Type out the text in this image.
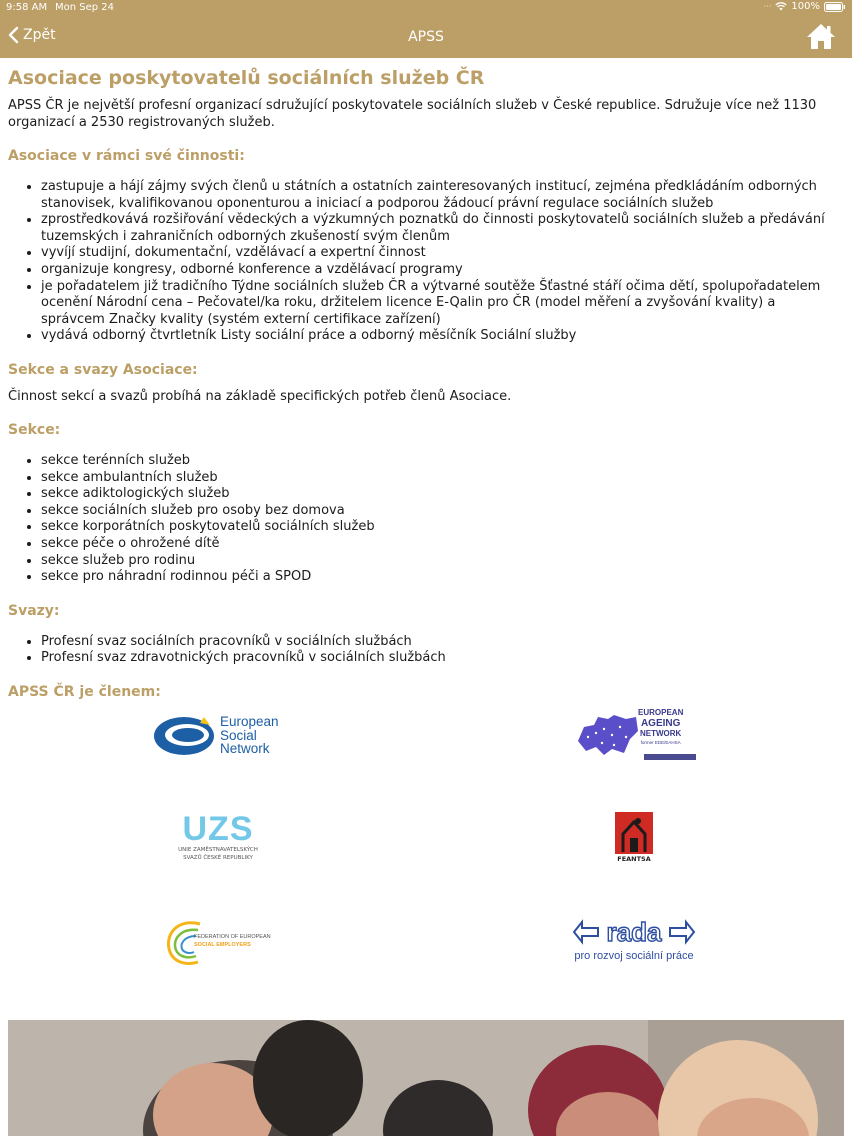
9:58 AM Mon Sep 24	··· 100%
Zpět	APSS
Asociace poskytovatelů sociálních služeb ČR

APSS ČR je největší profesní organizací sdružující poskytovatele sociálních služeb v České republice. Sdružuje více než 1130 organizací a 2530 registrovaných služeb.

Asociace v rámci své činnosti:
• zastupuje a hájí zájmy svých členů u státních a ostatních zainteresovaných institucí, zejména předkládáním odborných stanovisek, kvalifikovanou oponenturou a iniciací a podporou žádoucí právní regulace sociálních služeb
• zprostředkovává rozšiřování vědeckých a výzkumných poznatků do činnosti poskytovatelů sociálních služeb a předávání tuzemských i zahraničních odborných zkušeností svým členům
• vyvíjí studijní, dokumentační, vzdělávací a expertní činnost
• organizuje kongresy, odborné konference a vzdělávací programy
• je pořadatelem již tradičního Týdne sociálních služeb ČR a výtvarné soutěže Šťastné stáří očima dětí, spolupořadatelem ocenění Národní cena – Pečovatel/ka roku, držitelem licence E-Qalin pro ČR (model měření a zvyšování kvality) a správcem Značky kvality (systém externí certifikace zařízení)
• vydává odborný čtvrtletník Listy sociální práce a odborný měsíčník Sociální služby
Sekce a svazy Asociace:

Činnost sekcí a svazů probíhá na základě specifických potřeb členů Asociace.

Sekce:
• sekce terénních služeb
• sekce ambulantních služeb
• sekce adiktologických služeb
• sekce sociálních služeb pro osoby bez domova
• sekce korporátních poskytovatelů sociálních služeb
• sekce péče o ohrožené dítě
• sekce služeb pro rodinu
• sekce pro náhradní rodinnou péči a SPOD
Svazy:
• Profesní svaz sociálních pracovníků v sociálních službách
• Profesní svaz zdravotnických pracovníků v sociálních službách
APSS ČR je členem:
European
Social
Network
EUROPEAN
AGEING
NETWORK
former EDE/EAHSA
UZS
UNIE ZAMĚSTNAVATELSKÝCH
SVAZŮ ČESKÉ REPUBLIKY	FEANTSA
FEDERATION OF EUROPEAN
SOCIAL EMPLOYERS	rada
pro rozvoj sociální práce
